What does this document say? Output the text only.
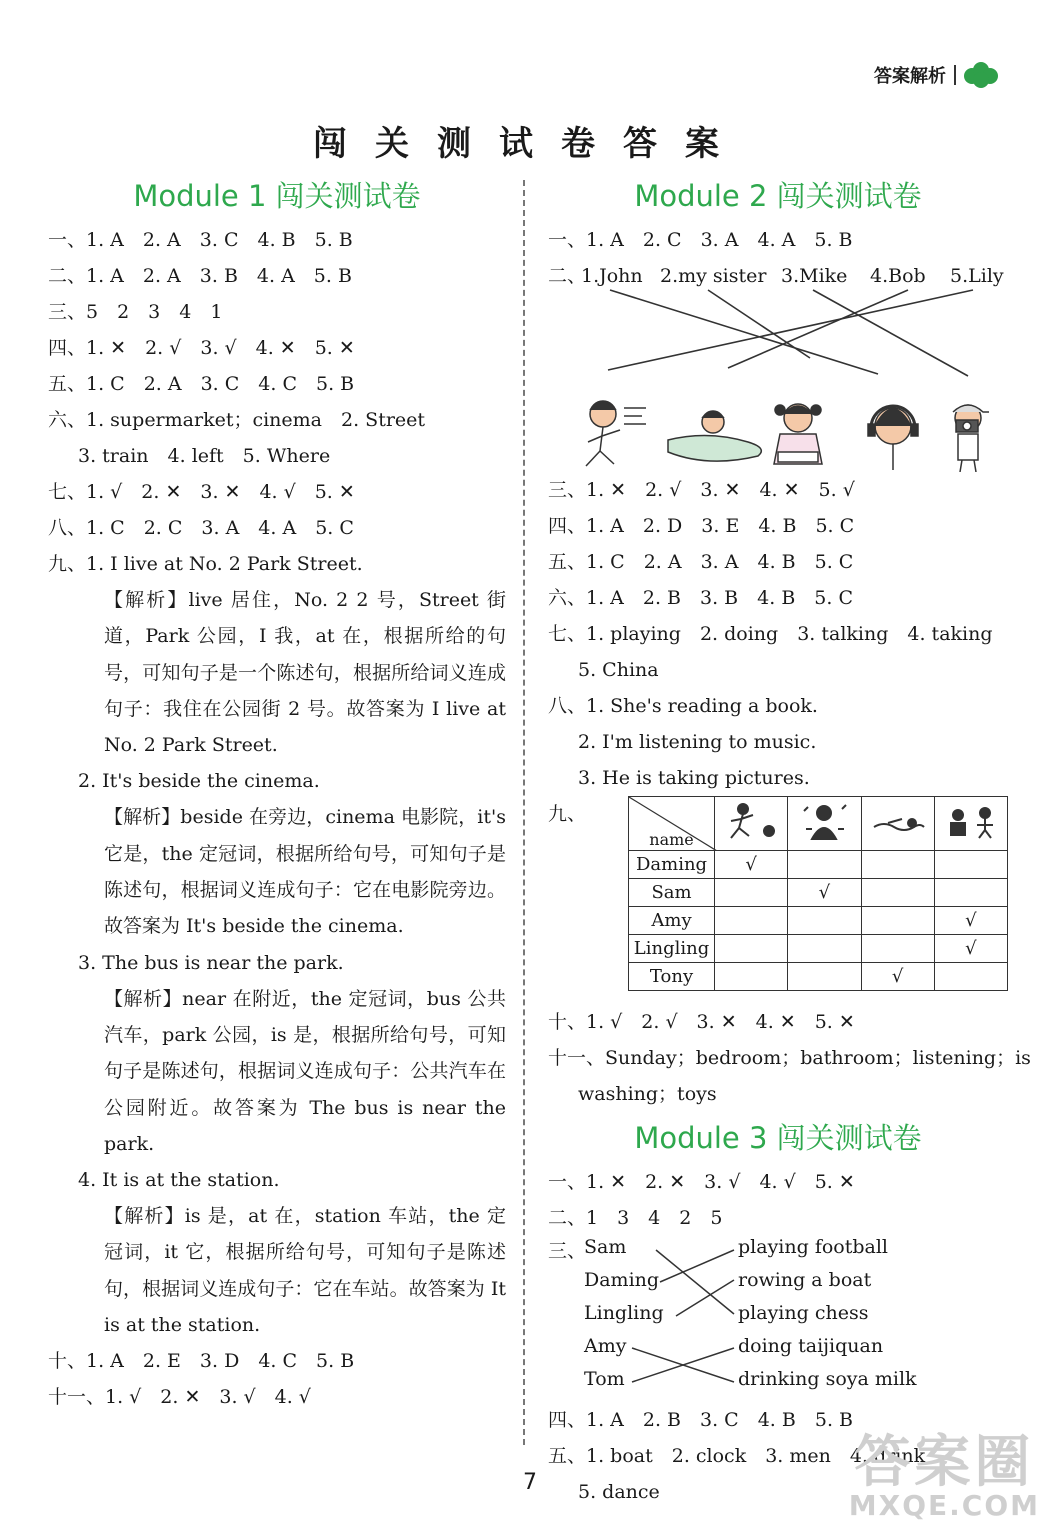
答案解析
闯关测试卷答案
Module 1 闯关测试卷
一、1. A　2. A　3. C　4. B　5. B
二、1. A　2. A　3. B　4. A　5. B
三、5　2　3　4　1
四、1. ✕　2. √　3. √　4. ✕　5. ✕
五、1. C　2. A　3. C　4. C　5. B
六、1. supermarket；cinema　2. Street
3. train　4. left　5. Where
七、1. √　2. ✕　3. ✕　4. √　5. ✕
八、1. C　2. C　3. A　4. A　5. C
九、1. I live at No. 2 Park Street.
【解析】live 居住，No. 2 2 号，Street 街道，Park 公园，I 我，at 在，根据所给的句号，可知句子是一个陈述句，根据所给词义连成句子：我住在公园街 2 号。故答案为 I live at No. 2 Park Street.
2. It's beside the cinema.
【解析】beside 在旁边，cinema 电影院，it's 它是，the 定冠词，根据所给句号，可知句子是陈述句，根据词义连成句子：它在电影院旁边。故答案为 It's beside the cinema.
3. The bus is near the park.
【解析】near 在附近，the 定冠词，bus 公共汽车，park 公园，is 是，根据所给句号，可知句子是陈述句，根据词义连成句子：公共汽车在公园附近。故答案为 The bus is near the park.
4. It is at the station.
【解析】is 是，at 在，station 车站，the 定冠词，it 它，根据所给句号，可知句子是陈述句，根据词义连成句子：它在车站。故答案为 It is at the station.
十、1. A　2. E　3. D　4. C　5. B
十一、1. √　2. ✕　3. √　4. √
Module 2 闯关测试卷
一、1. A　2. C　3. A　4. A　5. B
二、
1.John 2.my sister 3.Mike 4.Bob 5.Lily
三、1. ✕　2. √　3. ✕　4. ✕　5. √
四、1. A　2. D　3. E　4. B　5. C
五、1. C　2. A　3. A　4. B　5. C
六、1. A　2. B　3. B　4. B　5. C
七、1. playing　2. doing　3. talking　4. taking
5. China
八、1. She's reading a book.
2. I'm listening to music.
3. He is taking pictures.
九、
name				
Daming	√			
Sam		√		
Amy				√
Lingling				√
Tony			√	
十、1. √　2. √　3. ✕　4. ✕　5. ✕
十一、Sunday；bedroom；bathroom；listening；is
washing；toys
Module 3 闯关测试卷
一、1. ✕　2. ✕　3. √　4. √　5. ✕
二、1　3　4　2　5
三、
Sam
Daming
Lingling
Amy
Tom
playing football
rowing a boat
playing chess
doing taijiquan
drinking soya milk
四、1. A　2. B　3. C　4. B　5. B
五、1. boat　2. clock　3. men　4. drink
5. dance
7	答案圈
MXQE.COM
